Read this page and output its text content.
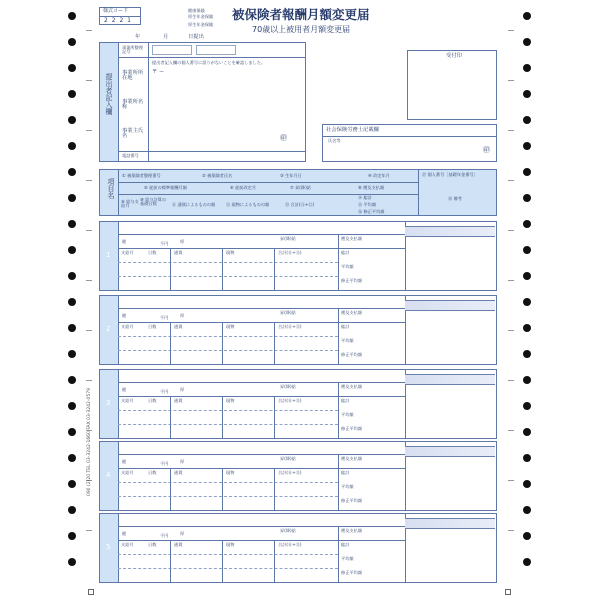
様式コード
2 2 2 1
健康保険
厚生年金保険
厚生年金保険
被保険者報酬月額変更届
70歳以上被用者月額変更届
年	月	日提出
受付印
提出者記入欄
事業所整理記号
事業所所在地
事業所名称
事業主氏名
電話番号
提出者記入欄の個人番号に誤りがないことを確認しました。
〒 ー
㊞
社会保険労務士記載欄
氏名等
㊞
項目名
① 被保険者整理番号	② 被保険者氏名	③ 生年月日	④ 改定年月	⑰ 個人番号［基礎年金番号］
⑤ 従前の標準報酬月額	⑥ 従前改定月	⑦ 昇(降)給	⑧ 遡及支払額
⑨ 給与支給月
⑩ 給与計算の基礎日数	⑪ 通貨によるものの額	⑫ 現物によるものの額	⑬ 合計(⑪+⑫)
⑭ 総計
⑮ 平均額
⑯ 修正平均額
⑱ 備考
1
健	厚
千円
支給月	日数	通貨	現物	合計(⑪+⑫)
昇(降)給	遡及支払額
総計
平均額
修正平均額
2
健	厚
千円
支給月	日数	通貨	現物	合計(⑪+⑫)
昇(降)給	遡及支払額
総計
平均額
修正平均額
3
健	厚
千円
支給月	日数	通貨	現物	合計(⑪+⑫)
昇(降)給	遡及支払額
総計
平均額
修正平均額
4
健	厚
千円
支給月	日数	通貨	現物	合計(⑪+⑫)
昇(降)給	遡及支払額
総計
平均額
修正平均額
5
健	厚
千円
支給月	日数	通貨	現物	合計(⑪+⑫)
昇(降)給	遡及支払額
総計
平均額
修正平均額
090 (2)20 TEL 03-3242-1660 FAX 03-3242-0579
